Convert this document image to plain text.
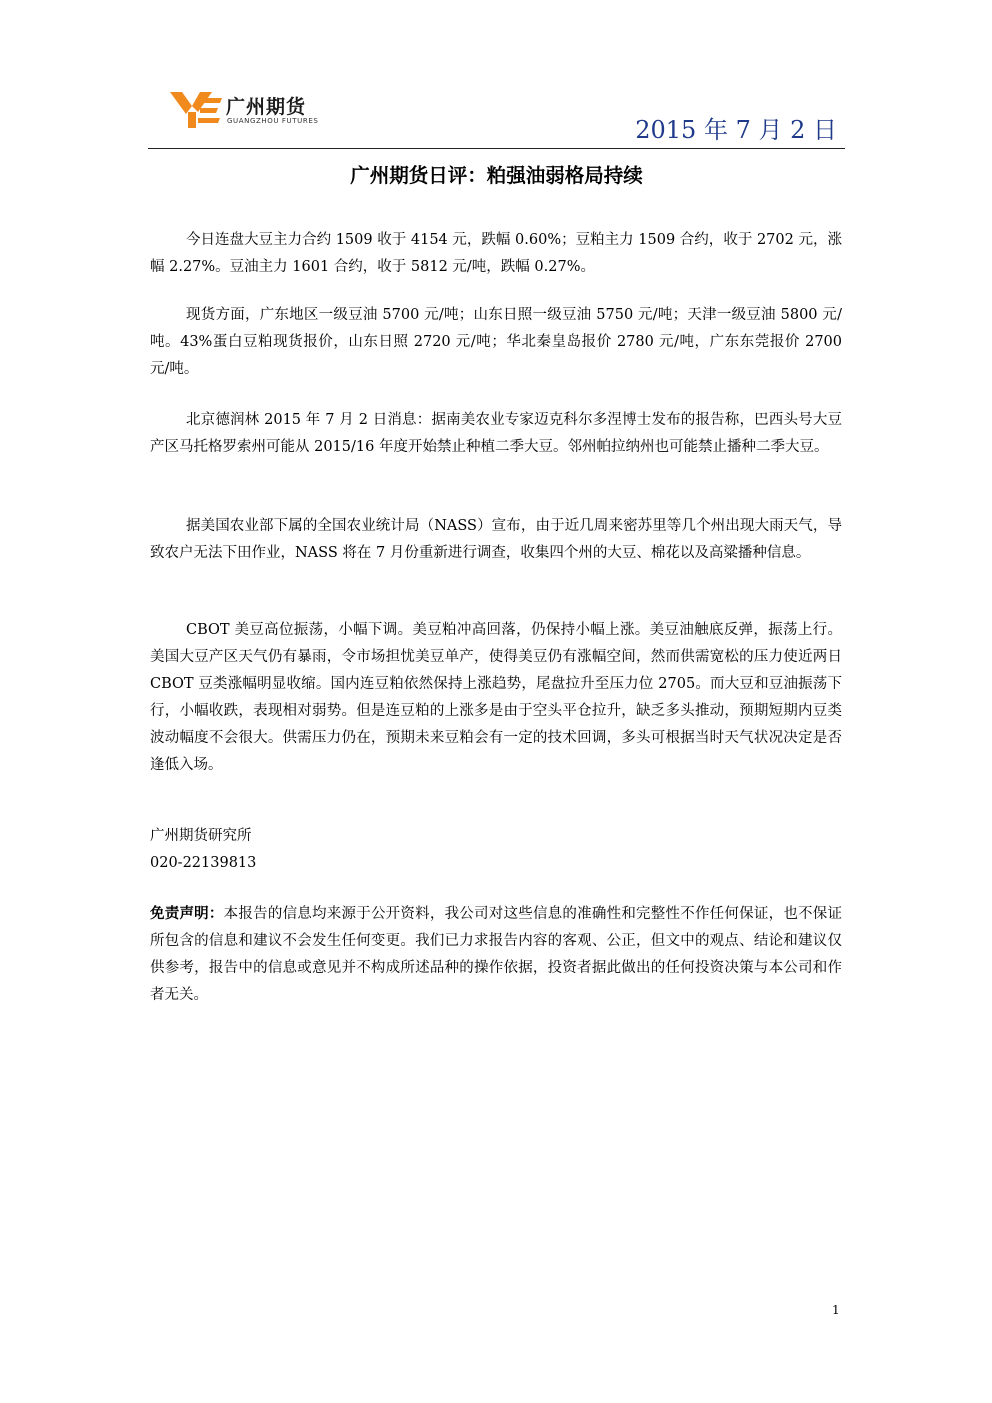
广州期货
GUANGZHOU FUTURES	2015 年 7 月 2 日
广州期货日评：粕强油弱格局持续

今日连盘大豆主力合约 1509 收于 4154 元，跌幅 0.60%；豆粕主力 1509 合约，收于 2702 元，涨幅 2.27%。豆油主力 1601 合约，收于 5812 元/吨，跌幅 0.27%。

现货方面，广东地区一级豆油 5700 元/吨；山东日照一级豆油 5750 元/吨；天津一级豆油 5800 元/吨。43%蛋白豆粕现货报价，山东日照 2720 元/吨；华北秦皇岛报价 2780 元/吨，广东东莞报价 2700 元/吨。

北京德润林 2015 年 7 月 2 日消息：据南美农业专家迈克科尔多涅博士发布的报告称，巴西头号大豆产区马托格罗索州可能从 2015/16 年度开始禁止种植二季大豆。邻州帕拉纳州也可能禁止播种二季大豆。

据美国农业部下属的全国农业统计局（NASS）宣布，由于近几周来密苏里等几个州出现大雨天气，导致农户无法下田作业，NASS 将在 7 月份重新进行调查，收集四个州的大豆、棉花以及高粱播种信息。

CBOT 美豆高位振荡，小幅下调。美豆粕冲高回落，仍保持小幅上涨。美豆油触底反弹，振荡上行。美国大豆产区天气仍有暴雨，令市场担忧美豆单产，使得美豆仍有涨幅空间，然而供需宽松的压力使近两日 CBOT 豆类涨幅明显收缩。国内连豆粕依然保持上涨趋势，尾盘拉升至压力位 2705。而大豆和豆油振荡下行，小幅收跌，表现相对弱势。但是连豆粕的上涨多是由于空头平仓拉升，缺乏多头推动，预期短期内豆类波动幅度不会很大。供需压力仍在，预期未来豆粕会有一定的技术回调，多头可根据当时天气状况决定是否逢低入场。

广州期货研究所
020-22139813

免责声明：本报告的信息均来源于公开资料，我公司对这些信息的准确性和完整性不作任何保证，也不保证所包含的信息和建议不会发生任何变更。我们已力求报告内容的客观、公正，但文中的观点、结论和建议仅供参考，报告中的信息或意见并不构成所述品种的操作依据，投资者据此做出的任何投资决策与本公司和作者无关。

1
